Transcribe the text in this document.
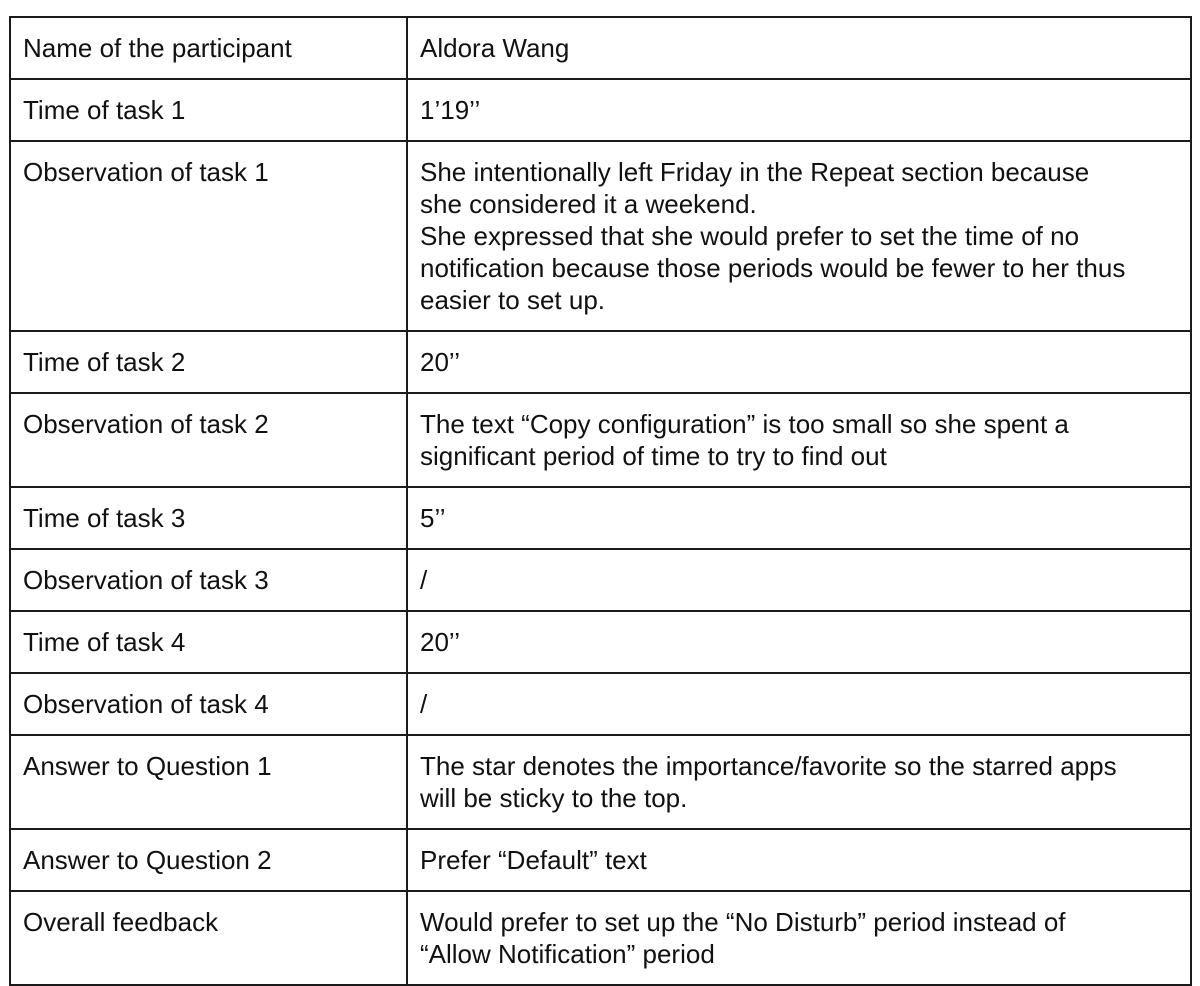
Name of the participant	Aldora Wang
Time of task 1	1’19’’
Observation of task 1	She intentionally left Friday in the Repeat section because
she considered it a weekend.
She expressed that she would prefer to set the time of no
notification because those periods would be fewer to her thus
easier to set up.
Time of task 2	20’’
Observation of task 2	The text “Copy configuration” is too small so she spent a
significant period of time to try to find out
Time of task 3	5’’
Observation of task 3	/
Time of task 4	20’’
Observation of task 4	/
Answer to Question 1	The star denotes the importance/favorite so the starred apps
will be sticky to the top.
Answer to Question 2	Prefer “Default” text
Overall feedback	Would prefer to set up the “No Disturb” period instead of
“Allow Notification” period
